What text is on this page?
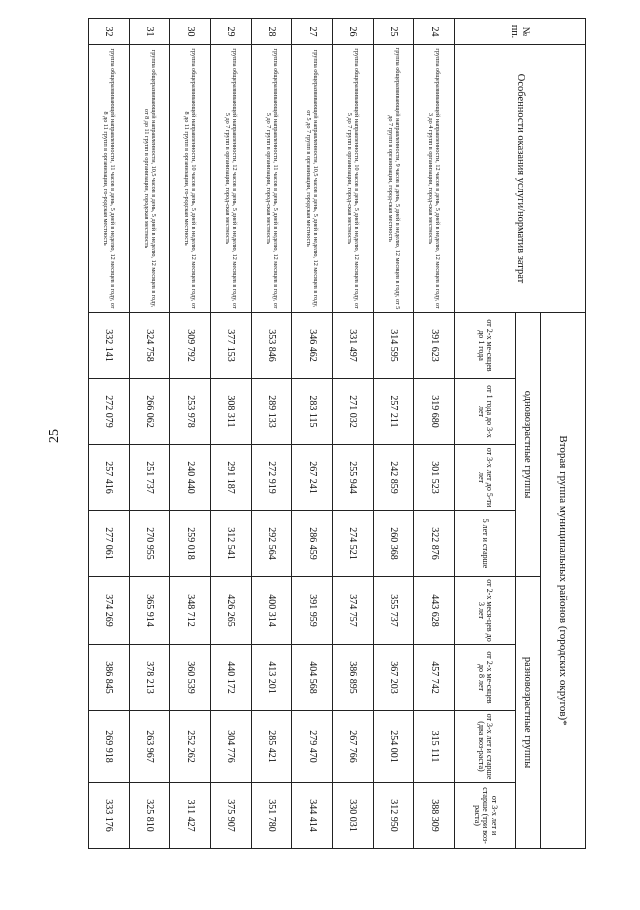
25
№
пп.	Особенности оказания услуги/норматив затрат	Вторая группа муниципальных районов (городских округов)*							
		одновозрастные группы				разновозрастные группы			
		от 2-х ме-сяцев до 1 года	от 1 года до 3-х лет	от 3-х лет до 5-ти лет	5 лет и старше	от 2-х меся-цев до 3 лет	от 2-х ме-сяцев до 8 лет	от 3-х лет и старше (два воз-раста)	от 3-х лет и старше (три воз-раста)
24	группа общеразвивающей направленности, 12 часов в день, 5 дней в неделю, 12 месяцев в году, от 3 до 4 групп в организации, город-ская местность	391 623	319 680	301 523	322 876	443 628	457 742	315 111	388 309
25	группа общеразвивающей направленности, 9 часов в день, 5 дней в неделю, 12 месяцев в году, от 5 до 7 групп в организации, город-ская местность	314 595	257 211	242 859	260 368	355 737	367 203	254 001	312 950
26	группа общеразвивающей направленности, 10 часов в день, 5 дней в неделю, 12 месяцев в году, от 5 до 7 групп в организации, город-ская местность	331 497	271 032	255 944	274 521	374 757	386 895	267 766	330 031
27	группа общеразвивающей направленности, 10,5 часов в день, 5 дней в неделю, 12 месяцев в году, от 5 до 7 групп в организации, городская местность	346 462	283 115	267 241	286 459	391 959	404 568	279 470	344 414
28	группа общеразвивающей направленности, 11 часов в день, 5 дней в неделю, 12 месяцев в году, от 5 до 7 групп в организации, город-ская местность	353 846	289 133	272 919	292 564	400 314	413 201	285 421	351 780
29	группа общеразвивающей направленности, 12 часов в день, 5 дней в неделю, 12 месяцев в году, от 5 до 7 групп в организации, город-ская местность	377 153	308 311	291 187	312 541	426 265	440 172	304 776	375 907
30	группа общеразвивающей направленности, 10 часов в день, 5 дней в неделю, 12 месяцев в году, от 8 до 11 групп в организации, го-родская местность	309 792	253 978	240 440	259 018	348 712	360 539	252 262	311 427
31	группа общеразвивающей направленности, 10,5 часов в день, 5 дней в неделю, 12 месяцев в году, от 8 до 11 групп в организации, городская местность	324 758	266 062	251 737	270 955	365 914	378 213	263 967	325 810
32	группа общеразвивающей направленности, 11 часов в день, 5 дней в неделю, 12 месяцев в году, от 8 до 11 групп в организации, го-родская местность	332 141	272 079	257 416	277 061	374 269	386 845	269 918	333 176
